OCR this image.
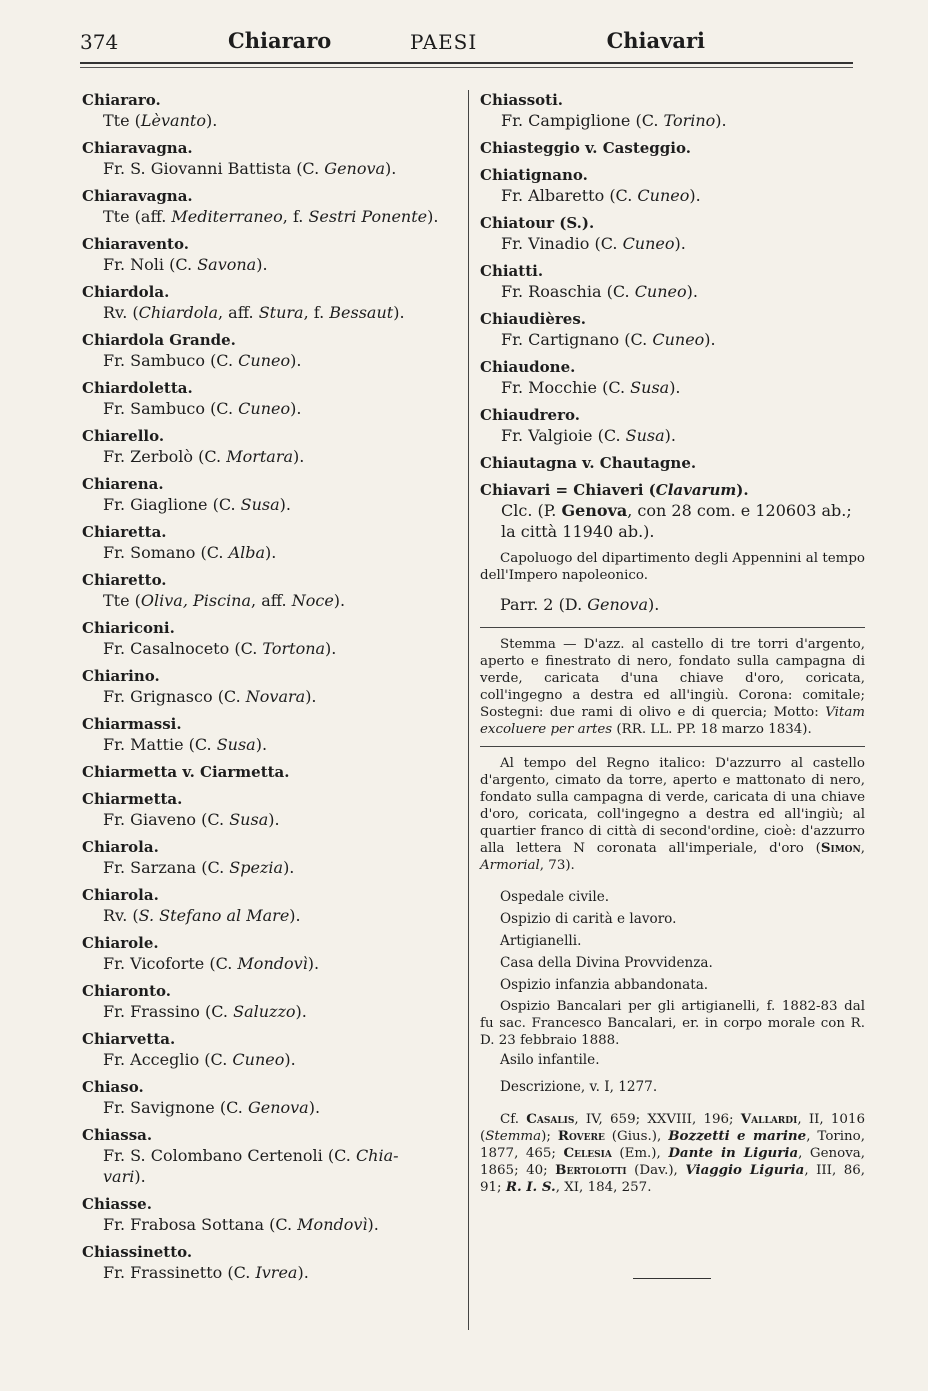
374	Chiararo	PAESI	Chiavari
Chiararo.
Tte (Lèvanto).
Chiaravagna.
Fr. S. Giovanni Battista (C. Genova).
Chiaravagna.
Tte (aff. Mediterraneo, f. Sestri Ponente).
Chiaravento.
Fr. Noli (C. Savona).
Chiardola.
Rv. (Chiardola, aff. Stura, f. Bessaut).
Chiardola Grande.
Fr. Sambuco (C. Cuneo).
Chiardoletta.
Fr. Sambuco (C. Cuneo).
Chiarello.
Fr. Zerbolò (C. Mortara).
Chiarena.
Fr. Giaglione (C. Susa).
Chiaretta.
Fr. Somano (C. Alba).
Chiaretto.
Tte (Oliva, Piscina, aff. Noce).
Chiariconi.
Fr. Casalnoceto (C. Tortona).
Chiarino.
Fr. Grignasco (C. Novara).
Chiarmassi.
Fr. Mattie (C. Susa).
Chiarmetta v. Ciarmetta.
Chiarmetta.
Fr. Giaveno (C. Susa).
Chiarola.
Fr. Sarzana (C. Spezia).
Chiarola.
Rv. (S. Stefano al Mare).
Chiarole.
Fr. Vicoforte (C. Mondovì).
Chiaronto.
Fr. Frassino (C. Saluzzo).
Chiarvetta.
Fr. Acceglio (C. Cuneo).
Chiaso.
Fr. Savignone (C. Genova).
Chiassa.
Fr. S. Colombano Certenoli (C. Chia-
vari).
Chiasse.
Fr. Frabosa Sottana (C. Mondovì).
Chiassinetto.
Fr. Frassinetto (C. Ivrea).
Chiassoti.
Fr. Campiglione (C. Torino).
Chiasteggio v. Casteggio.
Chiatignano.
Fr. Albaretto (C. Cuneo).
Chiatour (S.).
Fr. Vinadio (C. Cuneo).
Chiatti.
Fr. Roaschia (C. Cuneo).
Chiaudières.
Fr. Cartignano (C. Cuneo).
Chiaudone.
Fr. Mocchie (C. Susa).
Chiaudrero.
Fr. Valgioie (C. Susa).
Chiautagna v. Chautagne.
Chiavari = Chiaveri (Clavarum).
Clc. (P. Genova, con 28 com. e 120603 ab.;
la città 11940 ab.).
Capoluogo del dipartimento degli Appennini al tempo dell'Impero napoleonico.
Parr. 2 (D. Genova).
Stemma — D'azz. al castello di tre torri d'argento, aperto e finestrato di nero, fondato sulla campagna di verde, caricata d'una chiave d'oro, coricata, coll'ingegno a destra ed all'ingiù. Corona: comitale; Sostegni: due rami di olivo e di quercia; Motto: Vitam excoluere per artes (RR. LL. PP. 18 marzo 1834).
Al tempo del Regno italico: D'azzurro al castello d'argento, cimato da torre, aperto e mattonato di nero, fondato sulla campagna di verde, caricata di una chiave d'oro, coricata, coll'ingegno a destra ed all'ingiù; al quartier franco di città di second'ordine, cioè: d'azzurro alla lettera N coronata all'imperiale, d'oro (Simon, Armorial, 73).
Ospedale civile.
Ospizio di carità e lavoro.
Artigianelli.
Casa della Divina Provvidenza.
Ospizio infanzia abbandonata.
Ospizio Bancalari per gli artigianelli, f. 1882-83 dal fu sac. Francesco Bancalari, er. in corpo morale con R. D. 23 febbraio 1888.
Asilo infantile.
Descrizione, v. I, 1277.
Cf. Casalis, IV, 659; XXVIII, 196; Vallardi, II, 1016 (Stemma); Rovere (Gius.), Bozzetti e marine, Torino, 1877, 465; Celesia (Em.), Dante in Liguria, Genova, 1865; 40; Bertolotti (Dav.), Viaggio Liguria, III, 86, 91; R. I. S., XI, 184, 257.
